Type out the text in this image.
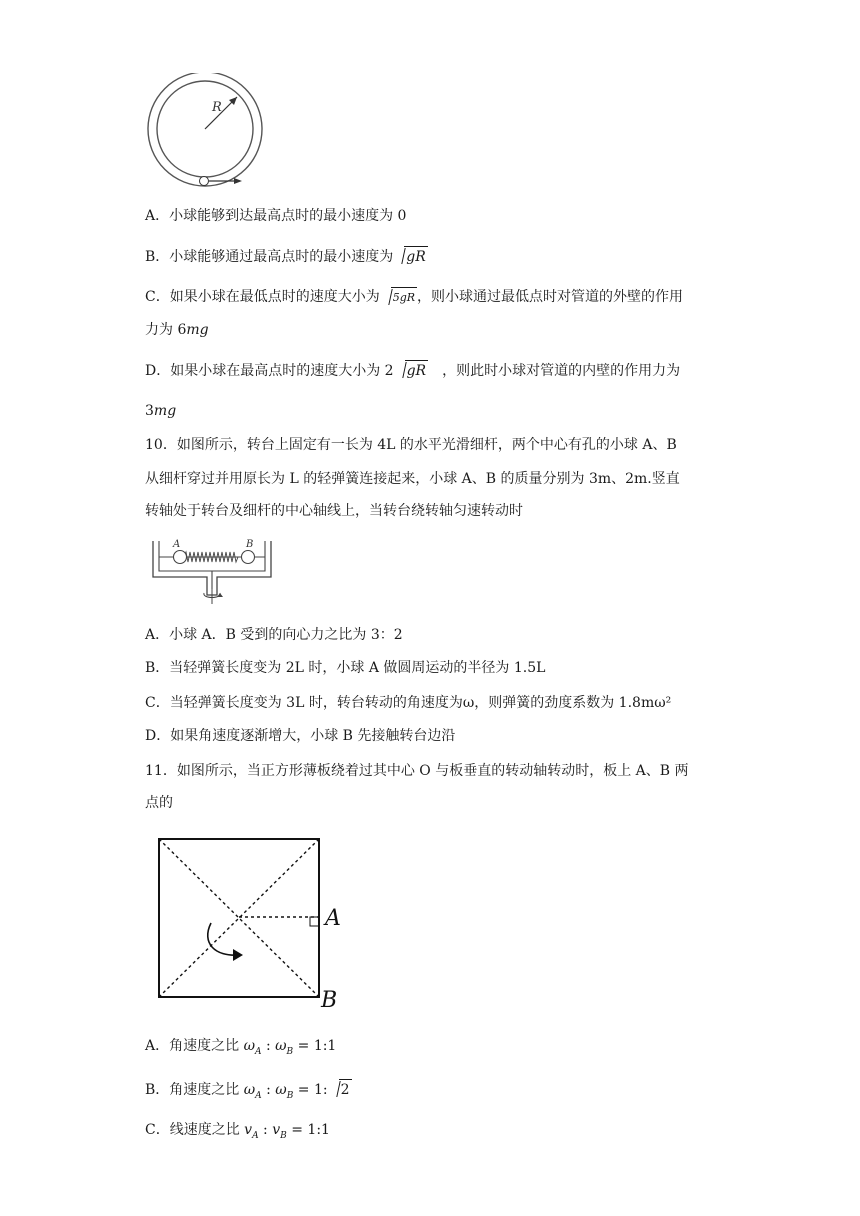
R
A．小球能够到达最高点时的最小速度为 0
B．小球能够通过最高点时的最小速度为 gR
C．如果小球在最低点时的速度大小为 5gR ，则小球通过最低点时对管道的外壁的作用
力为 6mg
D．如果小球在最高点时的速度大小为 2 gR ，则此时小球对管道的内壁的作用力为
3mg
10．如图所示，转台上固定有一长为 4L 的水平光滑细杆，两个中心有孔的小球 A、B
从细杆穿过并用原长为 L 的轻弹簧连接起来，小球 A、B 的质量分别为 3m、2m.竖直
转轴处于转台及细杆的中心轴线上，当转台绕转轴匀速转动时
A	B
A．小球 A．B 受到的向心力之比为 3：2
B．当轻弹簧长度变为 2L 时，小球 A 做圆周运动的半径为 1.5L
C．当轻弹簧长度变为 3L 时，转台转动的角速度为ω，则弹簧的劲度系数为 1.8mω²
D．如果角速度逐渐增大，小球 B 先接触转台边沿
11．如图所示，当正方形薄板绕着过其中心 O 与板垂直的转动轴转动时，板上 A、B 两
点的
A
B
A．角速度之比 $\omega_A$ : $\omega_B$ = 1:1
B．角速度之比 $\omega_A$ : $\omega_B = 1$: 2
C．线速度之比 $v_A$ : $v_B$ = 1:1
